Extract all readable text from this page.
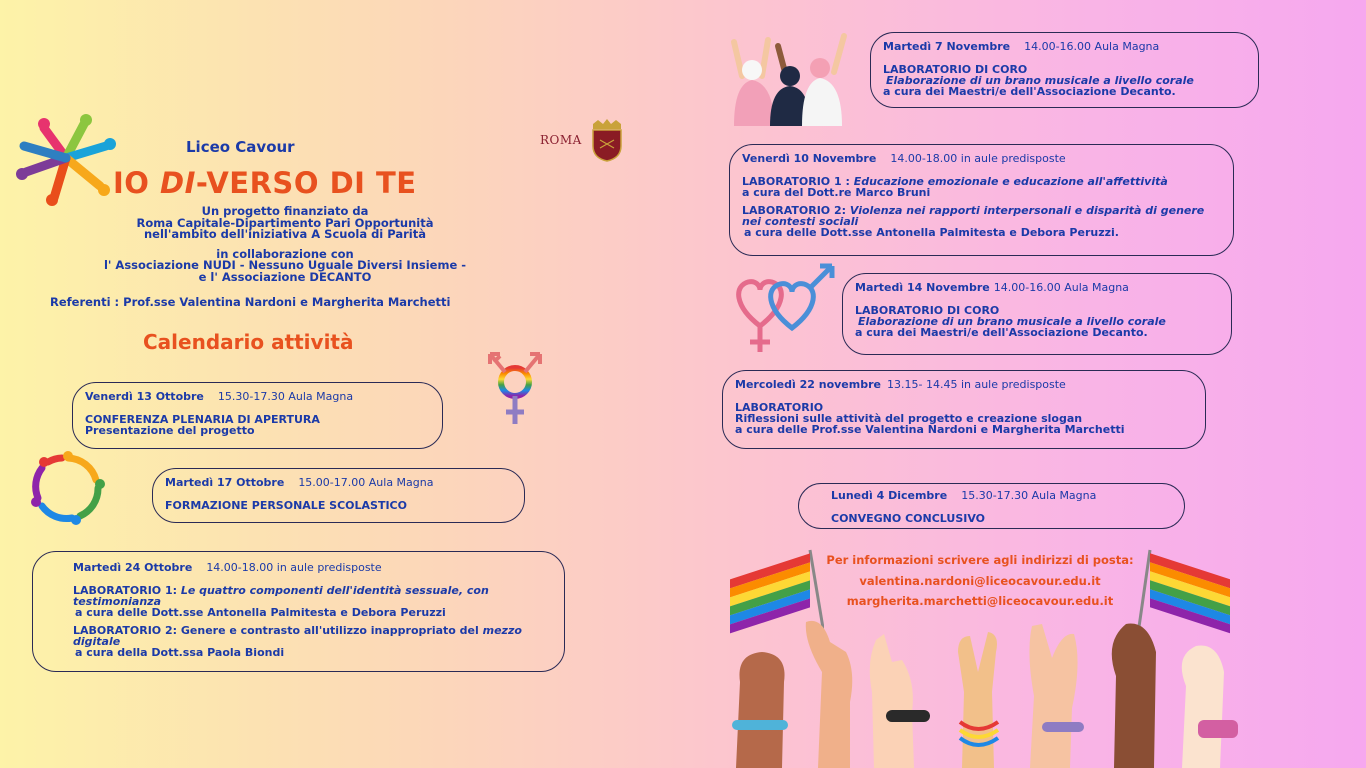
Liceo Cavour
IO DI-VERSO DI TE
Un progetto finanziato da
Roma Capitale-Dipartimento Pari Opportunità
nell'ambito dell'iniziativa A Scuola di Parità
in collaborazione con
l' Associazione NUDI - Nessuno Uguale Diversi Insieme -
e l' Associazione DECANTO
Referenti : Prof.sse Valentina Nardoni e Margherita Marchetti
ROMA
Calendario attività
Venerdì 13 Ottobre 15.30-17.30 Aula Magna
CONFERENZA PLENARIA DI APERTURA
Presentazione del progetto
Martedì 17 Ottobre 15.00-17.00 Aula Magna
FORMAZIONE PERSONALE SCOLASTICO
Martedì 24 Ottobre 14.00-18.00 in aule predisposte
LABORATORIO 1: Le quattro componenti dell'identità sessuale, con testimonianza
a cura delle Dott.sse Antonella Palmitesta e Debora Peruzzi
LABORATORIO 2: Genere e contrasto all'utilizzo inappropriato del mezzo digitale
a cura della Dott.ssa Paola Biondi
Martedì 7 Novembre 14.00-16.00 Aula Magna
LABORATORIO DI CORO
Elaborazione di un brano musicale a livello corale
a cura dei Maestri/e dell'Associazione Decanto.
Venerdì 10 Novembre 14.00-18.00 in aule predisposte
LABORATORIO 1 : Educazione emozionale e educazione all'affettività
a cura del Dott.re Marco Bruni
LABORATORIO 2: Violenza nei rapporti interpersonali e disparità di genere nei contesti sociali
a cura delle Dott.sse Antonella Palmitesta e Debora Peruzzi.
Martedì 14 Novembre 14.00-16.00 Aula Magna
LABORATORIO DI CORO
Elaborazione di un brano musicale a livello corale
a cura dei Maestri/e dell'Associazione Decanto.
Mercoledì 22 novembre 13.15- 14.45 in aule predisposte
LABORATORIO
Riflessioni sulle attività del progetto e creazione slogan
a cura delle Prof.sse Valentina Nardoni e Margherita Marchetti
Lunedì 4 Dicembre 15.30-17.30 Aula Magna
CONVEGNO CONCLUSIVO
Per informazioni scrivere agli indirizzi di posta:
valentina.nardoni@liceocavour.edu.it
margherita.marchetti@liceocavour.edu.it
